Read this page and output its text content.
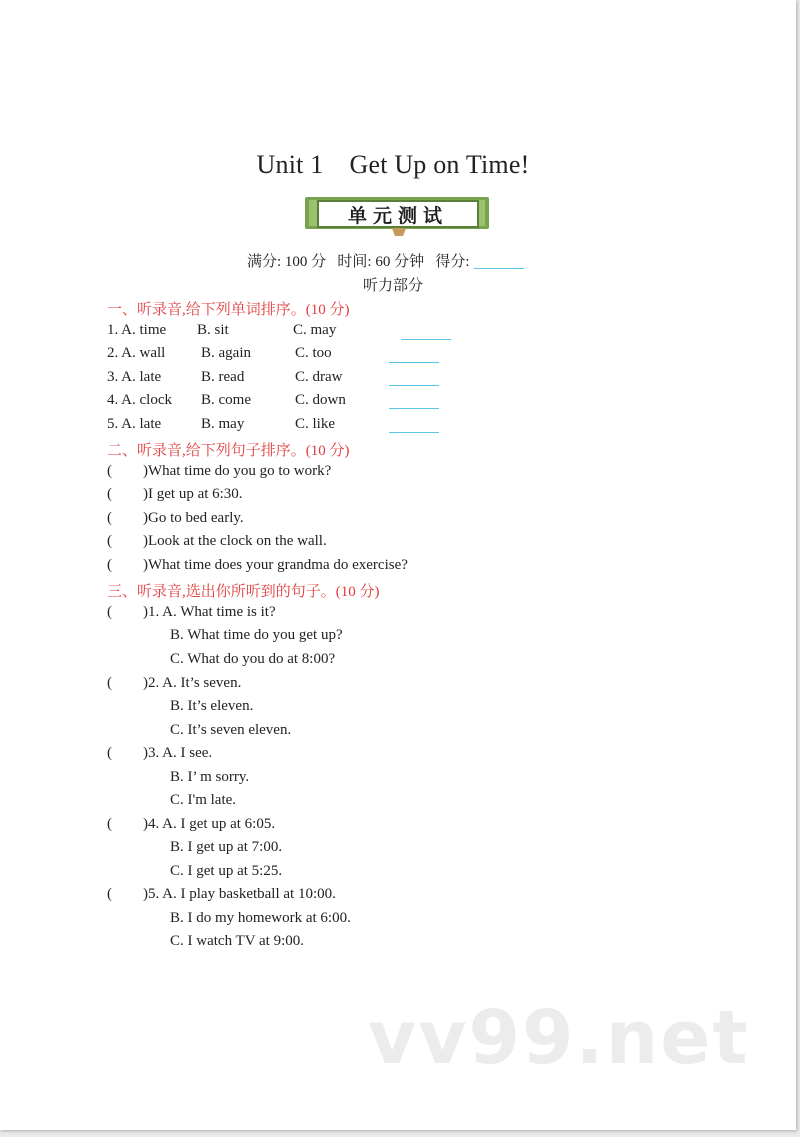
Unit 1 Get Up on Time!
单元测试
满分: 100 分 时间: 60 分钟 得分:
听力部分
一、听录音,给下列单词排序。(10 分)
1. A. time B. sit	C. may
2. A. wall B. again	C. too
3. A. late	B. read	C. draw
4. A. clock B. come	C. down
5. A. late	B. may	C. like
二、听录音,给下列句子排序。(10 分)
( )What time do you go to work?
( )I get up at 6:30.
( )Go to bed early.
( )Look at the clock on the wall.
( )What time does your grandma do exercise?
三、听录音,选出你所听到的句子。(10 分)
( )1. A. What time is it?
B. What time do you get up?
C. What do you do at 8:00?
( )2. A. It’s seven.
B. It’s eleven.
C. It’s seven eleven.
( )3. A. I see.
B. I’ m sorry.
C. I'm late.
( )4. A. I get up at 6:05.
B. I get up at 7:00.
C. I get up at 5:25.
( )5. A. I play basketball at 10:00.
B. I do my homework at 6:00.
C. I watch TV at 9:00.
vv99.net
